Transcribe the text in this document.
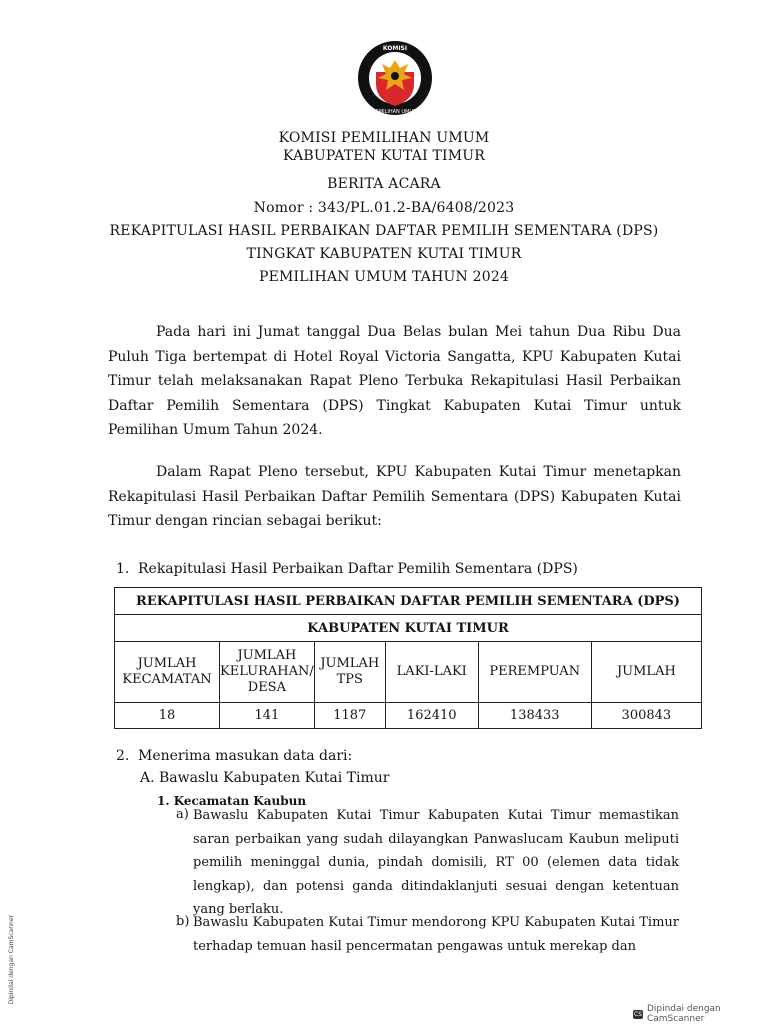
KOMISI
PEMILIHAN UMUM
KOMISI PEMILIHAN UMUM
KABUPATEN KUTAI TIMUR
BERITA ACARA
Nomor : 343/PL.01.2-BA/6408/2023
REKAPITULASI HASIL PERBAIKAN DAFTAR PEMILIH SEMENTARA (DPS)
TINGKAT KABUPATEN KUTAI TIMUR
PEMILIHAN UMUM TAHUN 2024
Pada hari ini Jumat tanggal Dua Belas bulan Mei tahun Dua Ribu Dua Puluh Tiga bertempat di Hotel Royal Victoria Sangatta, KPU Kabupaten Kutai Timur telah melaksanakan Rapat Pleno Terbuka Rekapitulasi Hasil Perbaikan Daftar Pemilih Sementara (DPS) Tingkat Kabupaten Kutai Timur untuk Pemilihan Umum Tahun 2024.
Dalam Rapat Pleno tersebut, KPU Kabupaten Kutai Timur menetapkan Rekapitulasi Hasil Perbaikan Daftar Pemilih Sementara (DPS) Kabupaten Kutai Timur dengan rincian sebagai berikut:
1. Rekapitulasi Hasil Perbaikan Daftar Pemilih Sementara (DPS)
REKAPITULASI HASIL PERBAIKAN DAFTAR PEMILIH SEMENTARA (DPS)					
KABUPATEN KUTAI TIMUR					
JUMLAH KECAMATAN	JUMLAH KELURAHAN/ DESA	JUMLAH TPS	LAKI-LAKI	PEREMPUAN	JUMLAH
18	141	1187	162410	138433	300843
2. Menerima masukan data dari:
A. Bawaslu Kabupaten Kutai Timur
1. Kecamatan Kaubun
a) Bawaslu Kabupaten Kutai Timur Kabupaten Kutai Timur memastikan saran perbaikan yang sudah dilayangkan Panwaslucam Kaubun meliputi pemilih meninggal dunia, pindah domisili, RT 00 (elemen data tidak lengkap), dan potensi ganda ditindaklanjuti sesuai dengan ketentuan yang berlaku.
b) Bawaslu Kabupaten Kutai Timur mendorong KPU Kabupaten Kutai Timur terhadap temuan hasil pencermatan pengawas untuk merekap dan
Dipindai dengan CamScanner
CS Dipindai dengan CamScanner
